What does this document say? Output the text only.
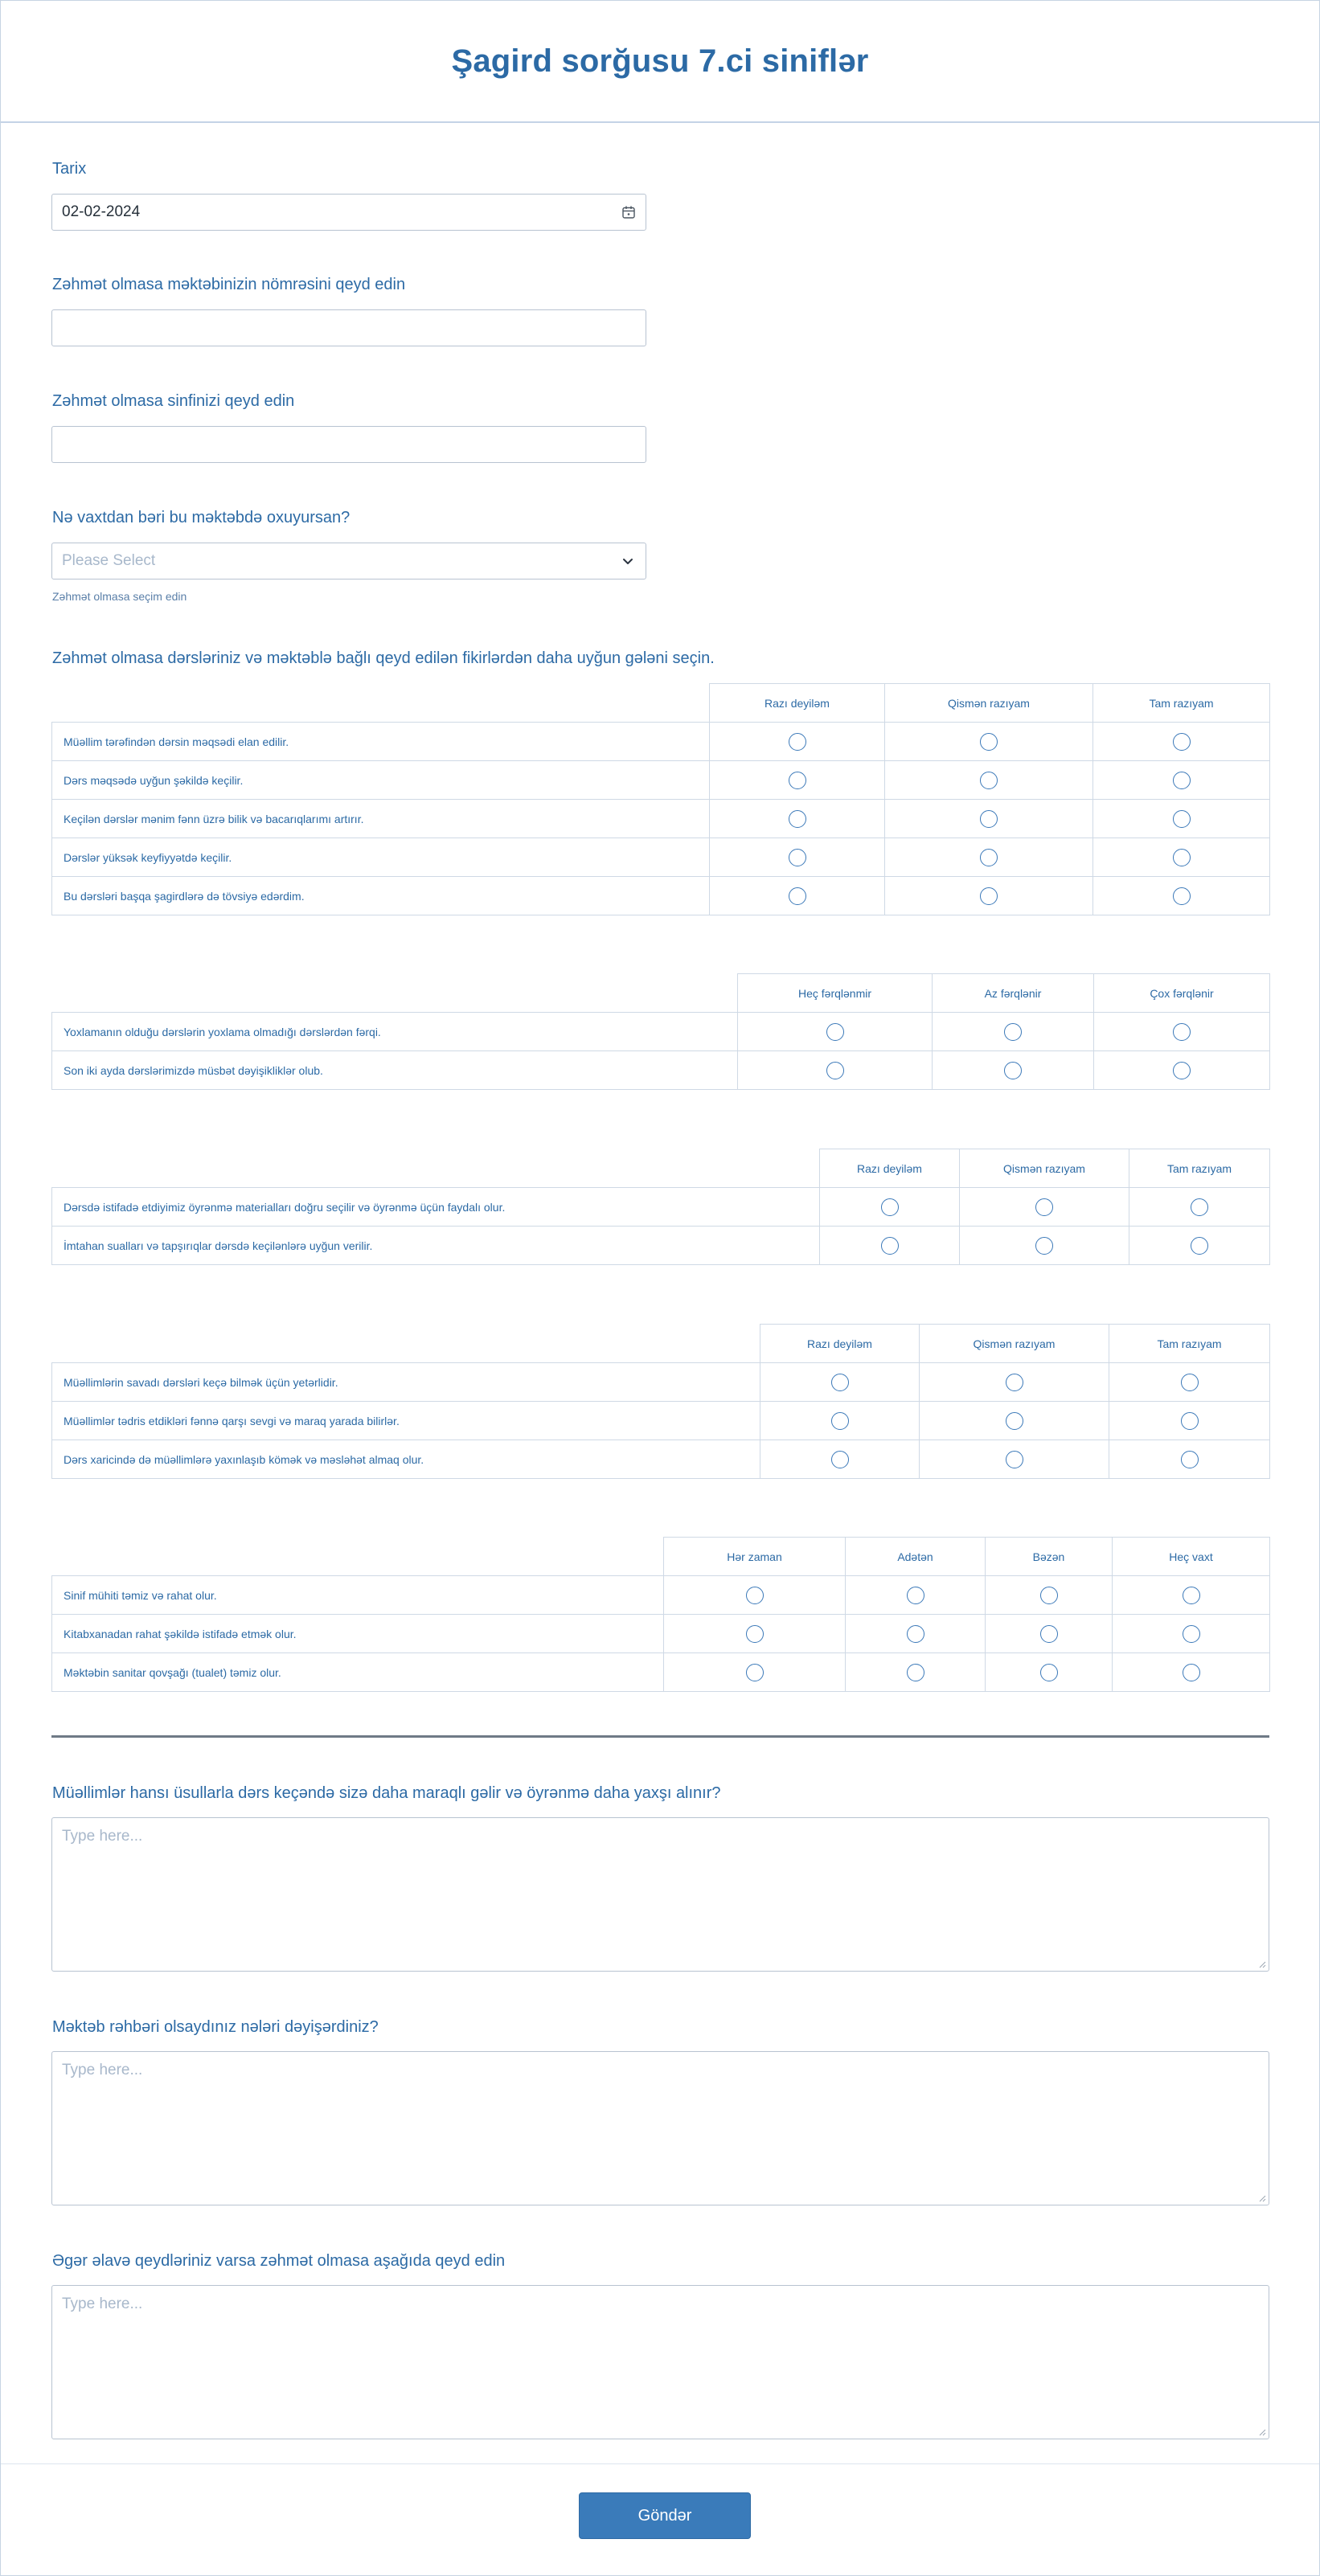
Şagird sorğusu 7.ci siniflər

Tarix

02-02-2024

Zəhmət olmasa məktəbinizin nömrəsini qeyd edin

Zəhmət olmasa sinfinizi qeyd edin

Nə vaxtdan bəri bu məktəbdə oxuyursan?

Please Select

Zəhmət olmasa seçim edin

Zəhmət olmasa dərsləriniz və məktəblə bağlı qeyd edilən fikirlərdən daha uyğun gələni seçin.

	Razı deyiləm	Qismən razıyam	Tam razıyam
Müəllim tərəfindən dərsin məqsədi elan edilir.			
Dərs məqsədə uyğun şəkildə keçilir.			
Keçilən dərslər mənim fənn üzrə bilik və bacarıqlarımı artırır.			
Dərslər yüksək keyfiyyətdə keçilir.			
Bu dərsləri başqa şagirdlərə də tövsiyə edərdim.			
	Heç fərqlənmir	Az fərqlənir	Çox fərqlənir
Yoxlamanın olduğu dərslərin yoxlama olmadığı dərslərdən fərqi.			
Son iki ayda dərslərimizdə müsbət dəyişikliklər olub.			
	Razı deyiləm	Qismən razıyam	Tam razıyam
Dərsdə istifadə etdiyimiz öyrənmə materialları doğru seçilir və öyrənmə üçün faydalı olur.			
İmtahan sualları və tapşırıqlar dərsdə keçilənlərə uyğun verilir.			
	Razı deyiləm	Qismən razıyam	Tam razıyam
Müəllimlərin savadı dərsləri keçə bilmək üçün yetərlidir.			
Müəllimlər tədris etdikləri fənnə qarşı sevgi və maraq yarada bilirlər.			
Dərs xaricində də müəllimlərə yaxınlaşıb kömək və məsləhət almaq olur.			
	Hər zaman	Adətən	Bəzən	Heç vaxt
Sinif mühiti təmiz və rahat olur.				
Kitabxanadan rahat şəkildə istifadə etmək olur.				
Məktəbin sanitar qovşağı (tualet) təmiz olur.				

Müəllimlər hansı üsullarla dərs keçəndə sizə daha maraqlı gəlir və öyrənmə daha yaxşı alınır?

Type here...

Məktəb rəhbəri olsaydınız nələri dəyişərdiniz?

Type here...

Əgər əlavə qeydləriniz varsa zəhmət olmasa aşağıda qeyd edin

Type here...
Göndər
